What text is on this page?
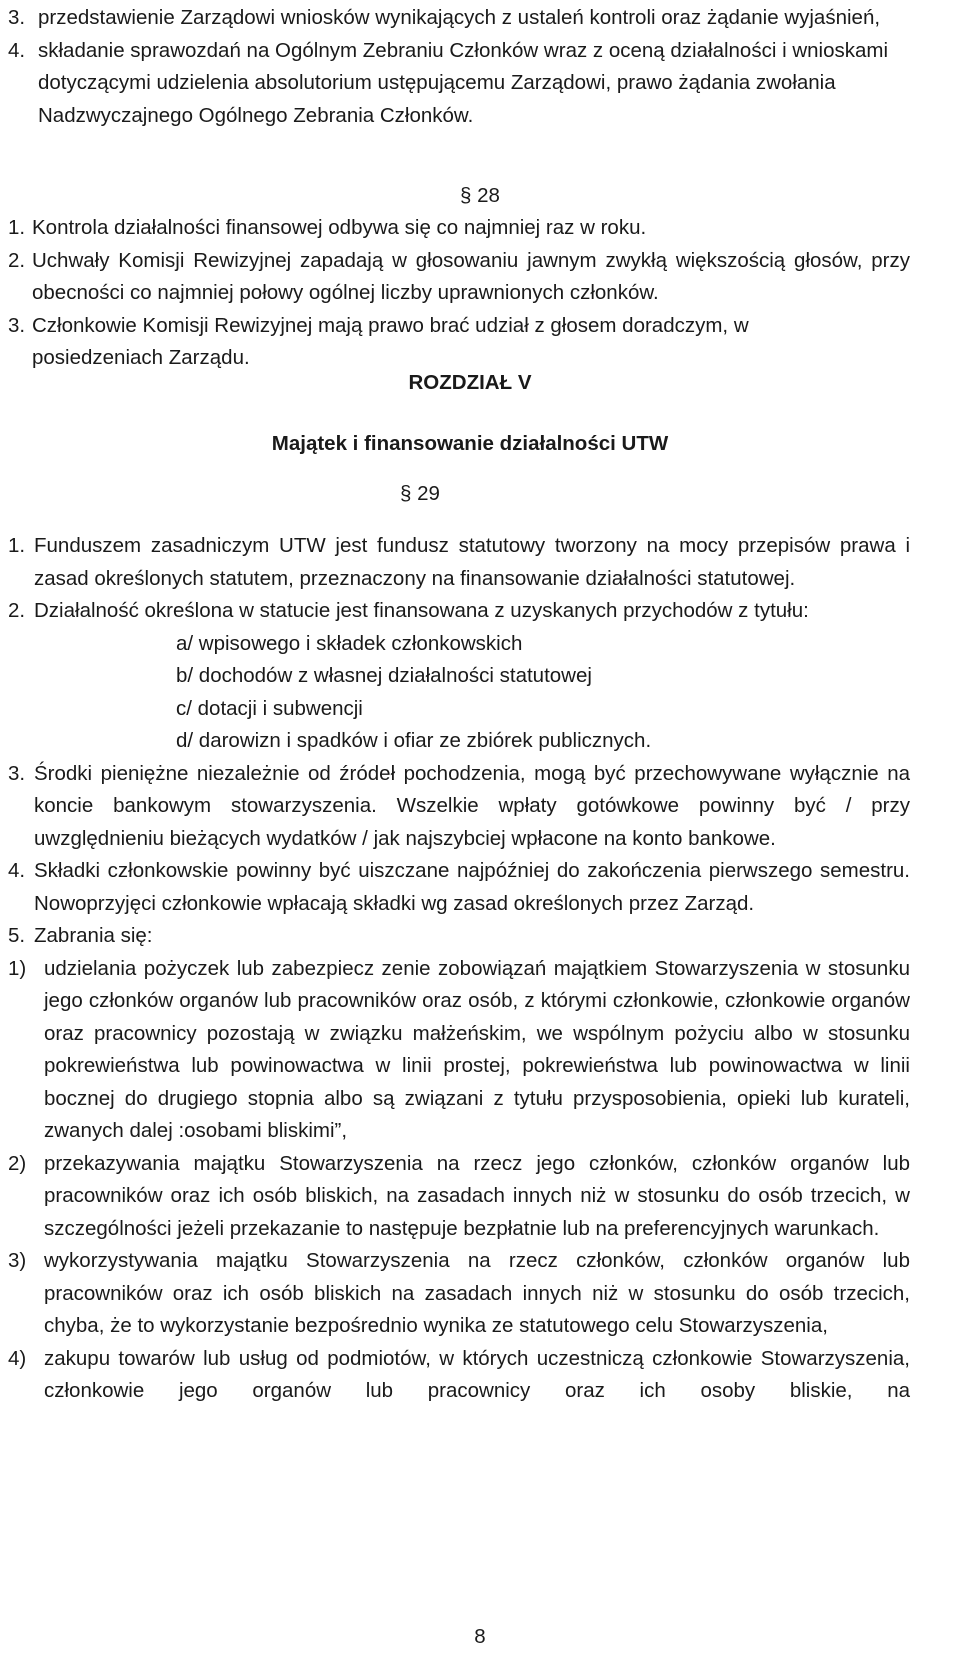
3. przedstawienie Zarządowi wniosków wynikających z ustaleń kontroli oraz żądanie wyjaśnień,
4. składanie sprawozdań na Ogólnym Zebraniu Członków wraz z oceną działalności i wnioskami dotyczącymi udzielenia absolutorium ustępującemu Zarządowi, prawo żądania zwołania Nadzwyczajnego Ogólnego Zebrania Członków.
§ 28
1. Kontrola działalności finansowej odbywa się co najmniej raz w roku.
2. Uchwały Komisji Rewizyjnej zapadają w głosowaniu jawnym zwykłą większością głosów, przy obecności co najmniej połowy ogólnej liczby uprawnionych członków.
3. Członkowie Komisji Rewizyjnej mają prawo brać udział z głosem doradczym, w posiedzeniach Zarządu.
ROZDZIAŁ V
Majątek i finansowanie działalności UTW
§ 29
1. Funduszem zasadniczym UTW jest fundusz statutowy tworzony na mocy przepisów prawa i zasad określonych statutem, przeznaczony na finansowanie działalności statutowej.
2. Działalność określona w statucie jest finansowana z uzyskanych przychodów z tytułu:
a/ wpisowego i składek członkowskich
b/ dochodów z własnej działalności statutowej
c/ dotacji i subwencji
d/ darowizn i spadków i ofiar ze zbiórek publicznych.
3. Środki pieniężne niezależnie od źródeł pochodzenia, mogą być przechowywane wyłącznie na koncie bankowym stowarzyszenia. Wszelkie wpłaty gotówkowe powinny być / przy uwzględnieniu bieżących wydatków / jak najszybciej wpłacone na konto bankowe.
4. Składki członkowskie powinny być uiszczane najpóźniej do zakończenia pierwszego semestru. Nowoprzyjęci członkowie wpłacają składki wg zasad określonych przez Zarząd.
5. Zabrania się:
1) udzielania pożyczek lub zabezpiecz zenie zobowiązań majątkiem Stowarzyszenia w stosunku jego członków organów lub pracowników oraz osób, z którymi członkowie, członkowie organów oraz pracownicy pozostają w związku małżeńskim, we wspólnym pożyciu albo w stosunku pokrewieństwa lub powinowactwa w linii prostej, pokrewieństwa lub powinowactwa w linii bocznej do drugiego stopnia albo są związani z tytułu przysposobienia, opieki lub kurateli, zwanych dalej :osobami bliskimi”,
2) przekazywania majątku Stowarzyszenia na rzecz jego członków, członków organów lub pracowników oraz ich osób bliskich, na zasadach innych niż w stosunku do osób trzecich, w szczególności jeżeli przekazanie to następuje bezpłatnie lub na preferencyjnych warunkach.
3) wykorzystywania majątku Stowarzyszenia na rzecz członków, członków organów lub pracowników oraz ich osób bliskich na zasadach innych niż w stosunku do osób trzecich, chyba, że to wykorzystanie bezpośrednio wynika ze statutowego celu Stowarzyszenia,
4) zakupu towarów lub usług od podmiotów, w których uczestniczą członkowie Stowarzyszenia, członkowie jego organów lub pracownicy oraz ich osoby bliskie, na
8
